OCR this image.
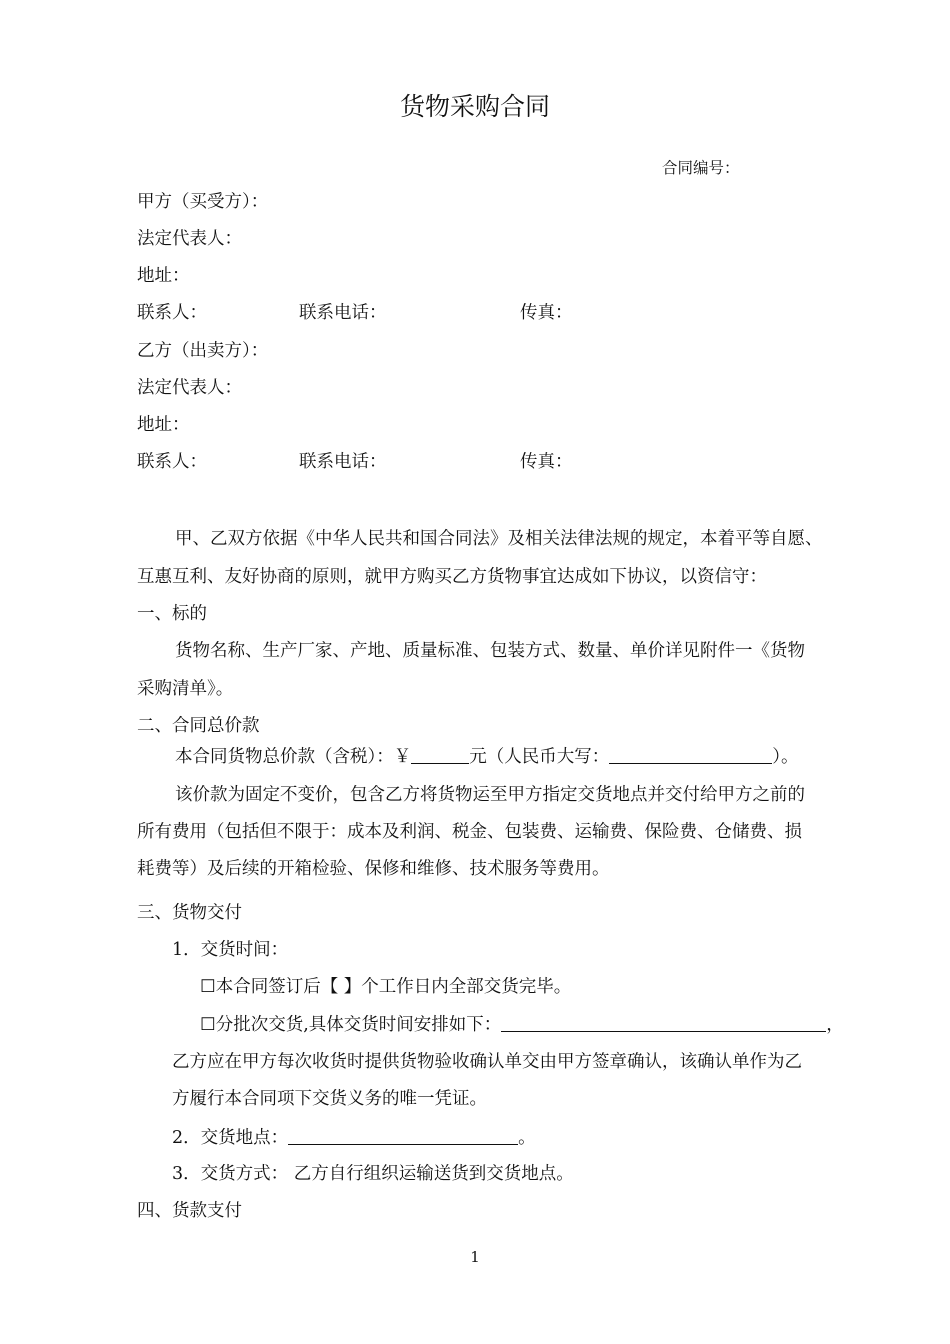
货物采购合同
合同编号：
甲方（买受方）：
法定代表人：
地址：
联系人：	联系电话：	传真：
乙方（出卖方）：
法定代表人：
地址：
联系人：	联系电话：	传真：
甲、乙双方依据《中华人民共和国合同法》及相关法律法规的规定，本着平等自愿、
互惠互利、友好协商的原则，就甲方购买乙方货物事宜达成如下协议，以资信守：
一、标的
货物名称、生产厂家、产地、质量标准、包装方式、数量、单价详见附件一《货物
采购清单》。
二、合同总价款
本合同货物总价款（含税）：￥	元（人民币大写：	）。
该价款为固定不变价，包含乙方将货物运至甲方指定交货地点并交付给甲方之前的
所有费用（包括但不限于：成本及利润、税金、包装费、运输费、保险费、仓储费、损
耗费等）及后续的开箱检验、保修和维修、技术服务等费用。
三、货物交付
1．交货时间：
☐本合同签订后【 】个工作日内全部交货完毕。
☐分批次交货,具体交货时间安排如下：	，
乙方应在甲方每次收货时提供货物验收确认单交由甲方签章确认，该确认单作为乙
方履行本合同项下交货义务的唯一凭证。
2．交货地点：	。
3．交货方式： 乙方自行组织运输送货到交货地点。
四、货款支付
1
